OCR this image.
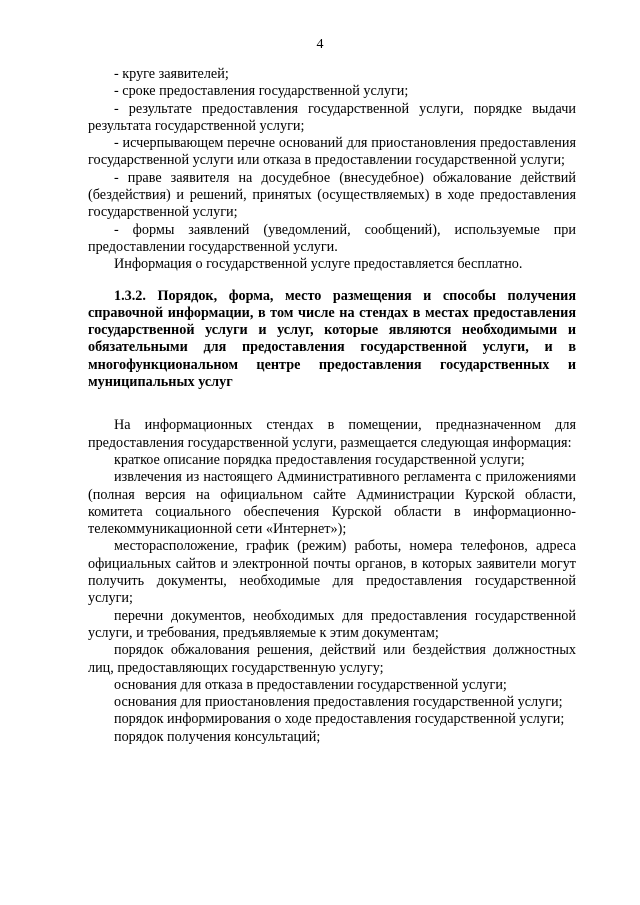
4

- круге заявителей;

- сроке предоставления государственной услуги;

- результате предоставления государственной услуги, порядке выдачи результата государственной услуги;

- исчерпывающем перечне оснований для приостановления предоставления государственной услуги или отказа в предоставлении государственной услуги;

- праве заявителя на досудебное (внесудебное) обжалование действий (бездействия) и решений, принятых (осуществляемых) в ходе предоставления государственной услуги;

- формы заявлений (уведомлений, сообщений), используемые при предоставлении государственной услуги.

Информация о государственной услуге предоставляется бесплатно.

1.3.2. Порядок, форма, место размещения и способы получения справочной информации, в том числе на стендах в местах предоставления государственной услуги и услуг, которые являются необходимыми и обязательными для предоставления государственной услуги, и в многофункциональном центре предоставления государственных и муниципальных услуг

На информационных стендах в помещении, предназначенном для предоставления государственной услуги, размещается следующая информация:

краткое описание порядка предоставления государственной услуги;

извлечения из настоящего Административного регламента с приложениями (полная версия на официальном сайте Администрации Курской области, комитета социального обеспечения Курской области в информационно-телекоммуникационной сети «Интернет»);

месторасположение, график (режим) работы, номера телефонов, адреса официальных сайтов и электронной почты органов, в которых заявители могут получить документы, необходимые для предоставления государственной услуги;

перечни документов, необходимых для предоставления государственной услуги, и требования, предъявляемые к этим документам;

порядок обжалования решения, действий или бездействия должностных лиц, предоставляющих государственную услугу;

основания для отказа в предоставлении государственной услуги;

основания для приостановления предоставления государственной услуги;

порядок информирования о ходе предоставления государственной услуги;

порядок получения консультаций;
